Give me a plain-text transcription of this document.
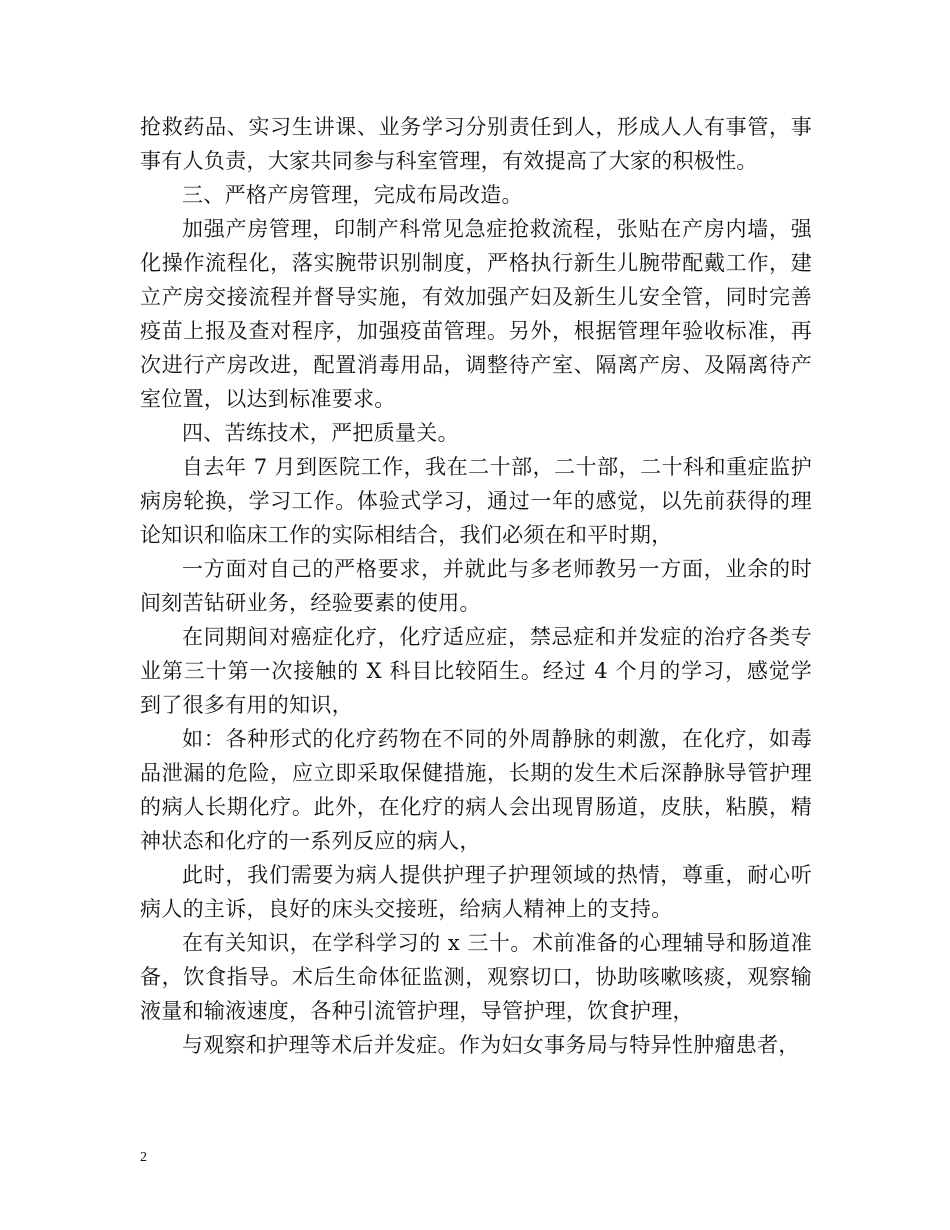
抢救药品、实习生讲课、业务学习分别责任到人，形成人人有事管，事事有人负责，大家共同参与科室管理，有效提高了大家的积极性。

三、严格产房管理，完成布局改造。

加强产房管理，印制产科常见急症抢救流程，张贴在产房内墙，强化操作流程化，落实腕带识别制度，严格执行新生儿腕带配戴工作，建立产房交接流程并督导实施，有效加强产妇及新生儿安全管，同时完善疫苗上报及查对程序，加强疫苗管理。另外，根据管理年验收标准，再次进行产房改进，配置消毒用品，调整待产室、隔离产房、及隔离待产室位置，以达到标准要求。

四、苦练技术，严把质量关。

自去年 7 月到医院工作，我在二十部，二十部，二十科和重症监护病房轮换，学习工作。体验式学习，通过一年的感觉，以先前获得的理论知识和临床工作的实际相结合，我们必须在和平时期，

一方面对自己的严格要求，并就此与多老师教另一方面，业余的时间刻苦钻研业务，经验要素的使用。

在同期间对癌症化疗，化疗适应症，禁忌症和并发症的治疗各类专业第三十第一次接触的 X 科目比较陌生。经过 4 个月的学习，感觉学到了很多有用的知识，

如：各种形式的化疗药物在不同的外周静脉的刺激，在化疗，如毒品泄漏的危险，应立即采取保健措施，长期的发生术后深静脉导管护理的病人长期化疗。此外，在化疗的病人会出现胃肠道，皮肤，粘膜，精神状态和化疗的一系列反应的病人，

此时，我们需要为病人提供护理子护理领域的热情，尊重，耐心听病人的主诉，良好的床头交接班，给病人精神上的支持。

在有关知识，在学科学习的 x 三十。术前准备的心理辅导和肠道准备，饮食指导。术后生命体征监测，观察切口，协助咳嗽咳痰，观察输液量和输液速度，各种引流管护理，导管护理，饮食护理，

与观察和护理等术后并发症。作为妇女事务局与特异性肿瘤患者，

2
